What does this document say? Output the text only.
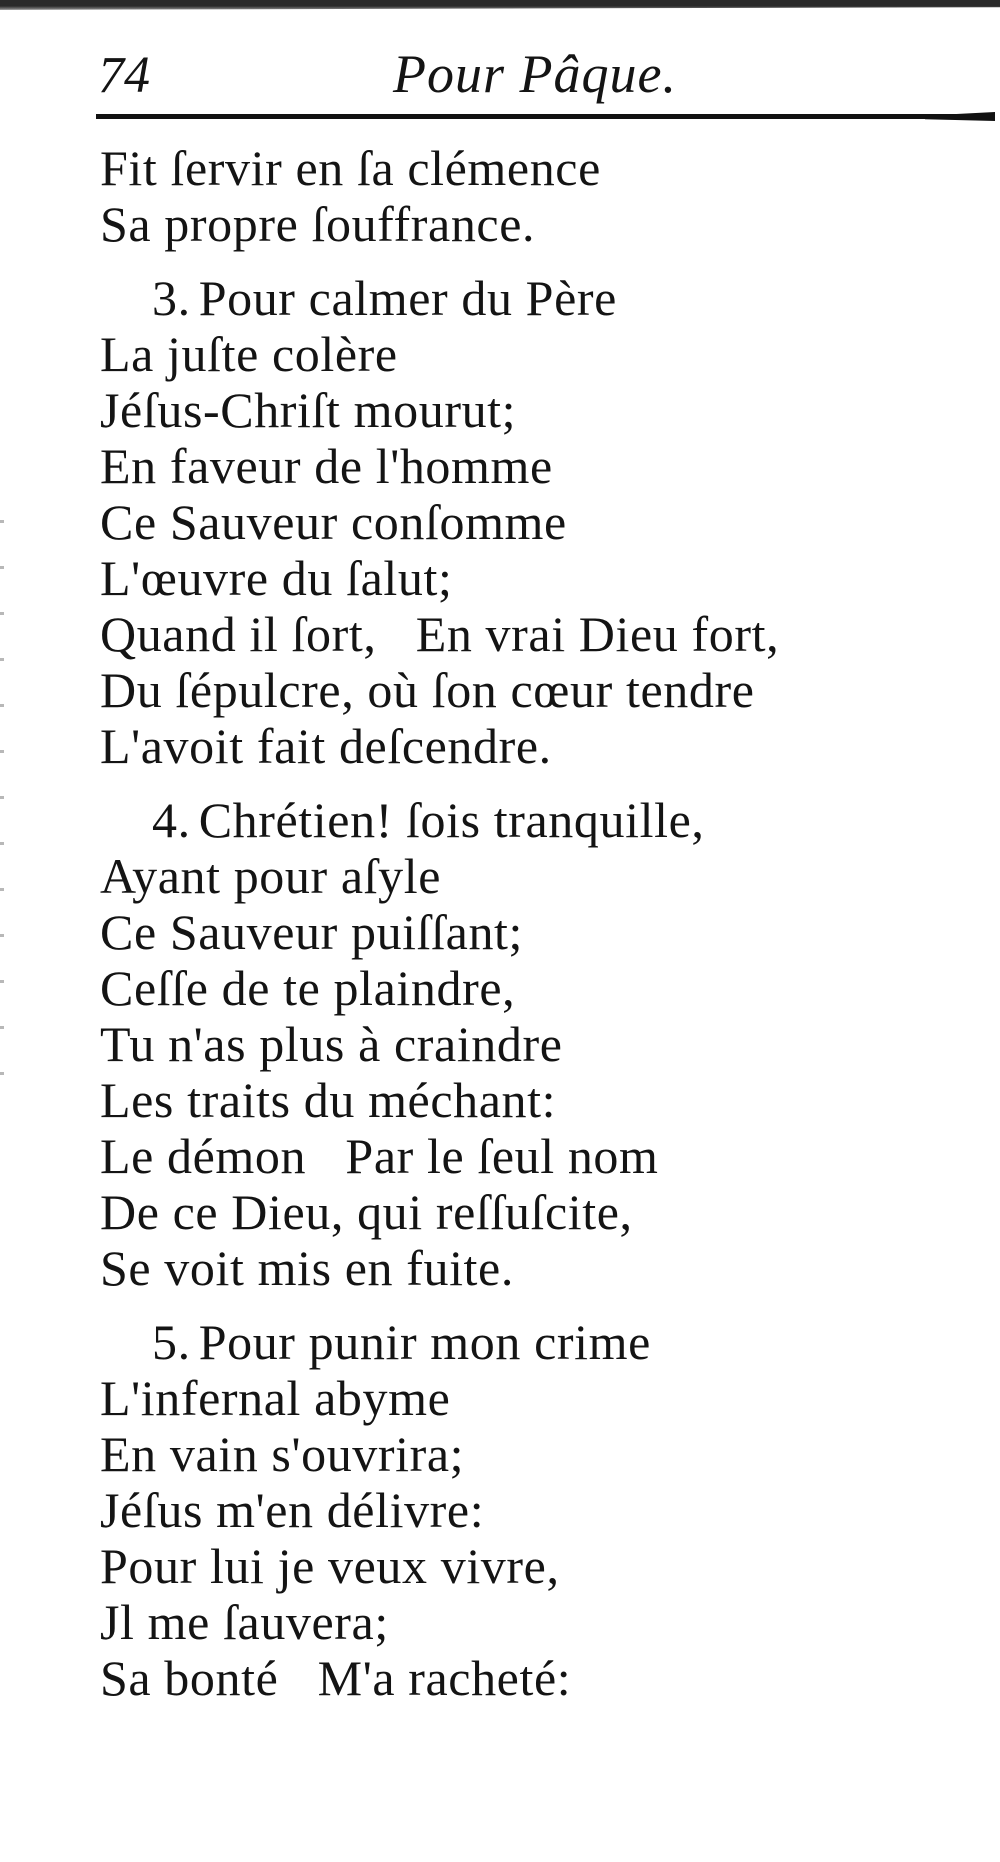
74	Pour Pâque.
Fit ſervir en ſa clémence
Sa propre ſouffrance.
3. Pour calmer du Père
La juſte colère
Jéſus-Chriſt mourut;
En faveur de l'homme
Ce Sauveur conſomme
L'œuvre du ſalut;
Quand il ſort,   En vrai Dieu fort,
Du ſépulcre, où ſon cœur tendre
L'avoit fait deſcendre.
4. Chrétien! ſois tranquille,
Ayant pour aſyle
Ce Sauveur puiſſant;
Ceſſe de te plaindre,
Tu n'as plus à craindre
Les traits du méchant:
Le démon   Par le ſeul nom
De ce Dieu, qui reſſuſcite,
Se voit mis en fuite.
5. Pour punir mon crime
L'infernal abyme
En vain s'ouvrira;
Jéſus m'en délivre:
Pour lui je veux vivre,
Jl me ſauvera;
Sa bonté   M'a racheté:
